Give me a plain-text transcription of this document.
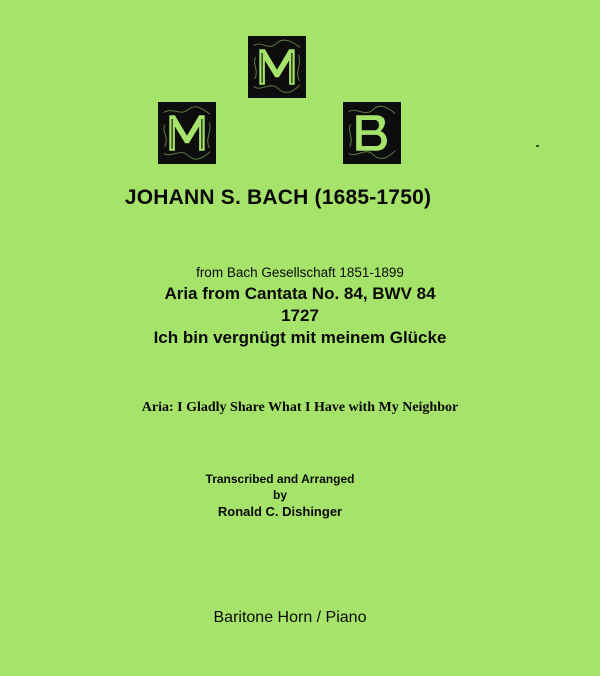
JOHANN S. BACH (1685-1750)
from Bach Gesellschaft 1851-1899
Aria from Cantata No. 84, BWV 84
1727
Ich bin vergnügt mit meinem Glücke
Aria: I Gladly Share What I Have with My Neighbor
Transcribed and Arranged
by
Ronald C. Dishinger
Baritone Horn / Piano
